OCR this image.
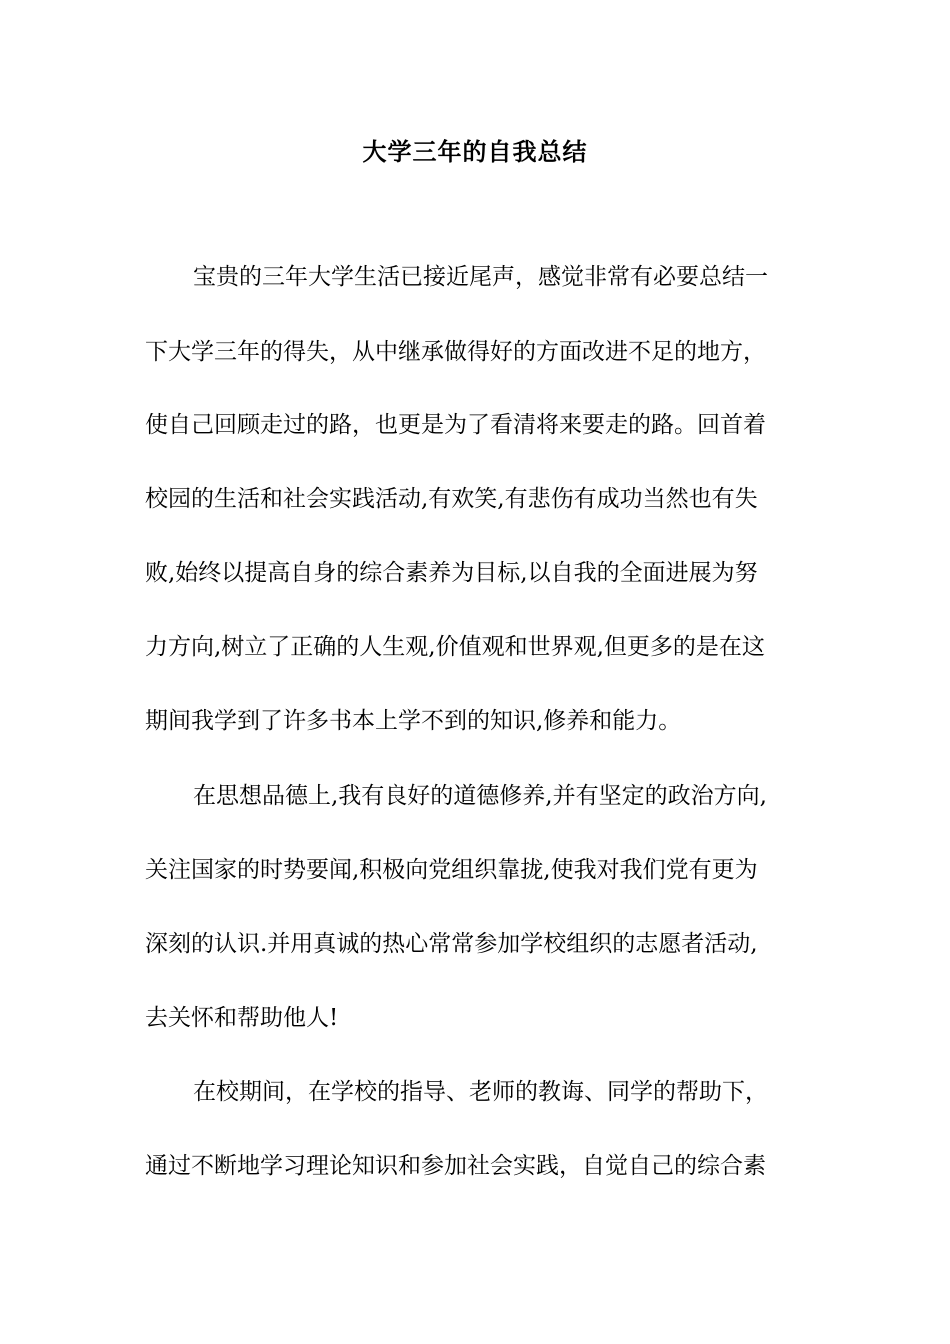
大学三年的自我总结
宝贵的三年大学生活已接近尾声，感觉非常有必要总结一
下大学三年的得失，从中继承做得好的方面改进不足的地方，
使自己回顾走过的路，也更是为了看清将来要走的路。回首着
校园的生活和社会实践活动,有欢笑,有悲伤有成功当然也有失
败,始终以提高自身的综合素养为目标,以自我的全面进展为努
力方向,树立了正确的人生观,价值观和世界观,但更多的是在这
期间我学到了许多书本上学不到的知识,修养和能力。
在思想品德上,我有良好的道德修养,并有坚定的政治方向,
关注国家的时势要闻,积极向党组织靠拢,使我对我们党有更为
深刻的认识.并用真诚的热心常常参加学校组织的志愿者活动,
去关怀和帮助他人!
在校期间，在学校的指导、老师的教诲、同学的帮助下，
通过不断地学习理论知识和参加社会实践，自觉自己的综合素
